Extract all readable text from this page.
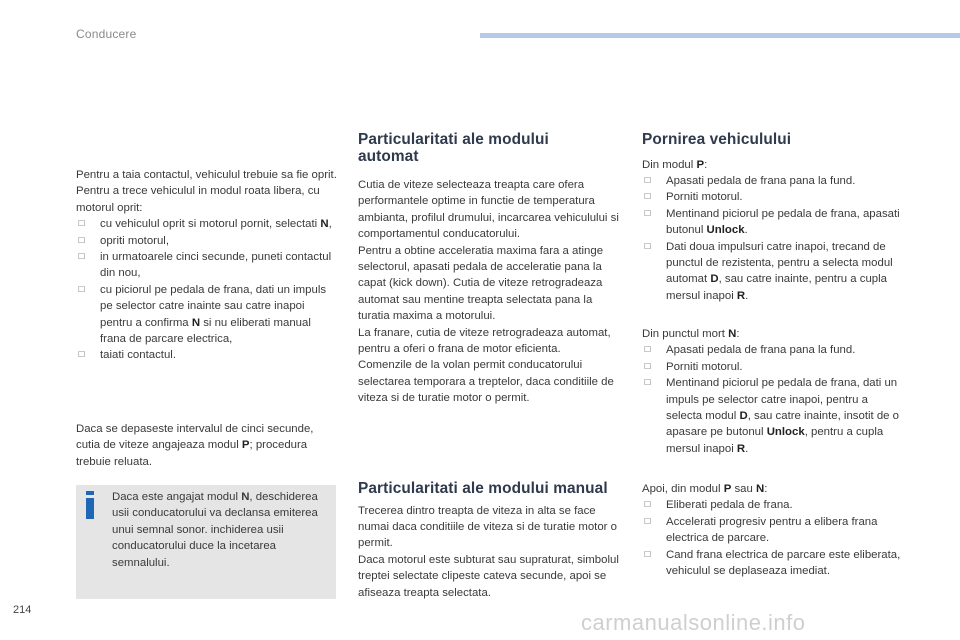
Conducere

Pentru a taia contactul, vehiculul trebuie sa fie oprit.

Pentru a trece vehiculul in modul roata libera, cu motorul oprit:

☐ cu vehiculul oprit si motorul pornit, selectati N,
☐ opriti motorul,
☐ in urmatoarele cinci secunde, puneti contactul din nou,
☐ cu piciorul pe pedala de frana, dati un impuls pe selector catre inainte sau catre inapoi pentru a confirma N si nu eliberati manual frana de parcare electrica,
☐ taiati contactul.

Daca se depaseste intervalul de cinci secunde, cutia de viteze angajeaza modul P; procedura trebuie reluata.

Daca este angajat modul N, deschiderea usii conducatorului va declansa emiterea unui semnal sonor. inchiderea usii conducatorului duce la incetarea semnalului.
Particularitati ale modului automat

Cutia de viteze selecteaza treapta care ofera performantele optime in functie de temperatura ambianta, profilul drumului, incarcarea vehiculului si comportamentul conducatorului.

Pentru a obtine acceleratia maxima fara a atinge selectorul, apasati pedala de acceleratie pana la capat (kick down). Cutia de viteze retrogradeaza automat sau mentine treapta selectata pana la turatia maxima a motorului.

La franare, cutia de viteze retrogradeaza automat, pentru a oferi o frana de motor eficienta.

Comenzile de la volan permit conducatorului selectarea temporara a treptelor, daca conditiile de viteza si de turatie motor o permit.

Particularitati ale modului manual

Trecerea dintro treapta de viteza in alta se face numai daca conditiile de viteza si de turatie motor o permit.

Daca motorul este subturat sau supraturat, simbolul treptei selectate clipeste cateva secunde, apoi se afiseaza treapta selectata.

Pornirea vehiculului

Din modul P:

☐ Apasati pedala de frana pana la fund.
☐ Porniti motorul.
☐ Mentinand piciorul pe pedala de frana, apasati butonul Unlock.
☐ Dati doua impulsuri catre inapoi, trecand de punctul de rezistenta, pentru a selecta modul automat D, sau catre inainte, pentru a cupla mersul inapoi R.

Din punctul mort N:

☐ Apasati pedala de frana pana la fund.
☐ Porniti motorul.
☐ Mentinand piciorul pe pedala de frana, dati un impuls pe selector catre inapoi, pentru a selecta modul D, sau catre inainte, insotit de o apasare pe butonul Unlock, pentru a cupla mersul inapoi R.

Apoi, din modul P sau N:

☐ Eliberati pedala de frana.
☐ Accelerati progresiv pentru a elibera frana electrica de parcare.
☐ Cand frana electrica de parcare este eliberata, vehiculul se deplaseaza imediat.
214	carmanualsonline.info
